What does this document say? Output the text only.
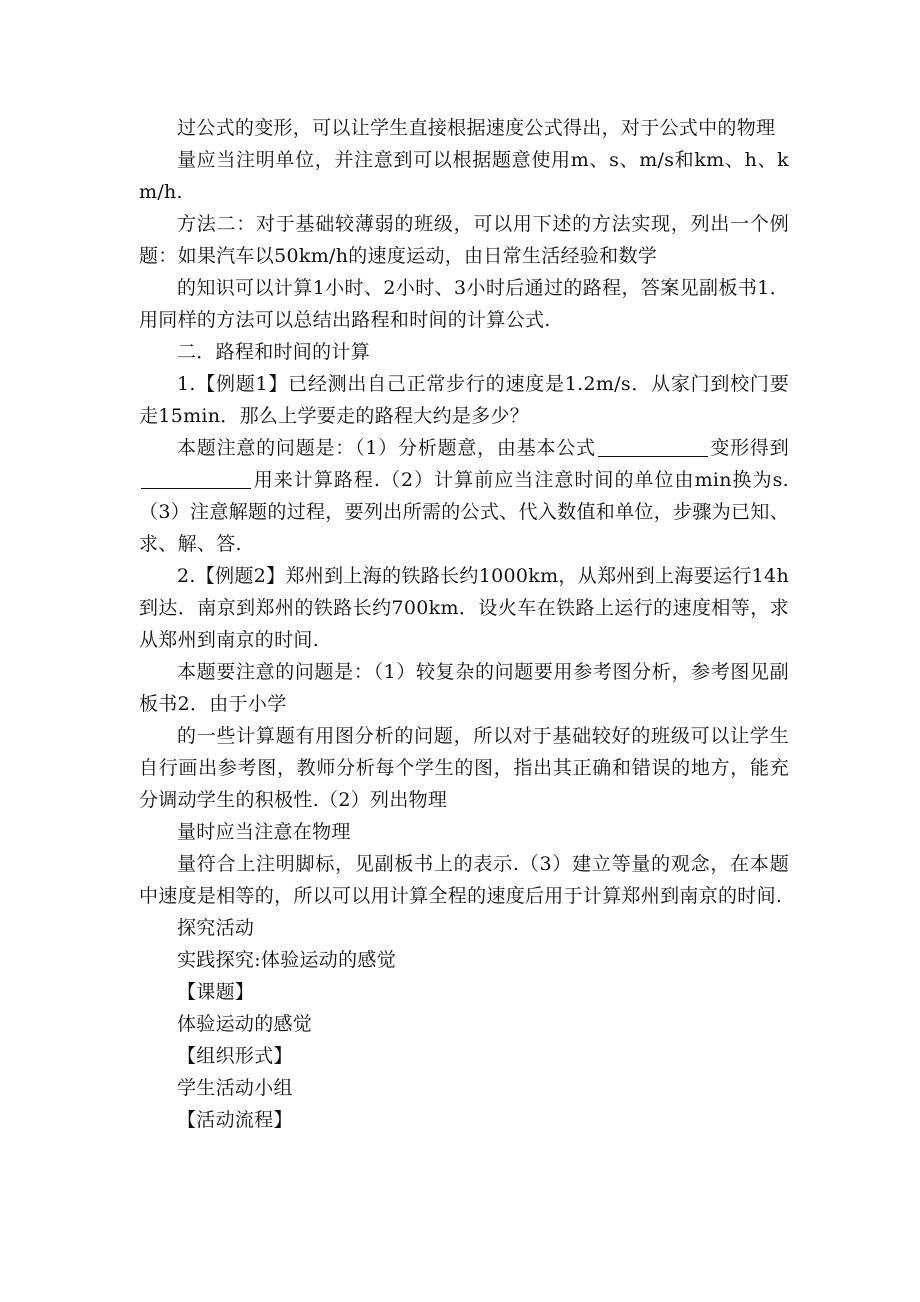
过公式的变形，可以让学生直接根据速度公式得出，对于公式中的物理

量应当注明单位，并注意到可以根据题意使用m、s、m/s和km、h、km/h.

方法二：对于基础较薄弱的班级，可以用下述的方法实现，列出一个例题：如果汽车以50km/h的速度运动，由日常生活经验和数学

的知识可以计算1小时、2小时、3小时后通过的路程，答案见副板书1．用同样的方法可以总结出路程和时间的计算公式.

二．路程和时间的计算

1.【例题1】已经测出自己正常步行的速度是1.2m/s．从家门到校门要走15min．那么上学要走的路程大约是多少？

本题注意的问题是：（1）分析题意，由基本公式	变形得到用来计算路程.（2）计算前应当注意时间的单位由min换为s.（3）注意解题的过程，要列出所需的公式、代入数值和单位，步骤为已知、求、解、答.

2.【例题2】郑州到上海的铁路长约1000km，从郑州到上海要运行14h到达．南京到郑州的铁路长约700km．设火车在铁路上运行的速度相等，求从郑州到南京的时间.

本题要注意的问题是：（1）较复杂的问题要用参考图分析，参考图见副板书2．由于小学

的一些计算题有用图分析的问题，所以对于基础较好的班级可以让学生自行画出参考图，教师分析每个学生的图，指出其正确和错误的地方，能充分调动学生的积极性.（2）列出物理

量时应当注意在物理

量符合上注明脚标，见副板书上的表示.（3）建立等量的观念，在本题中速度是相等的，所以可以用计算全程的速度后用于计算郑州到南京的时间.

探究活动

实践探究:体验运动的感觉

【课题】

体验运动的感觉

【组织形式】

学生活动小组

【活动流程】
